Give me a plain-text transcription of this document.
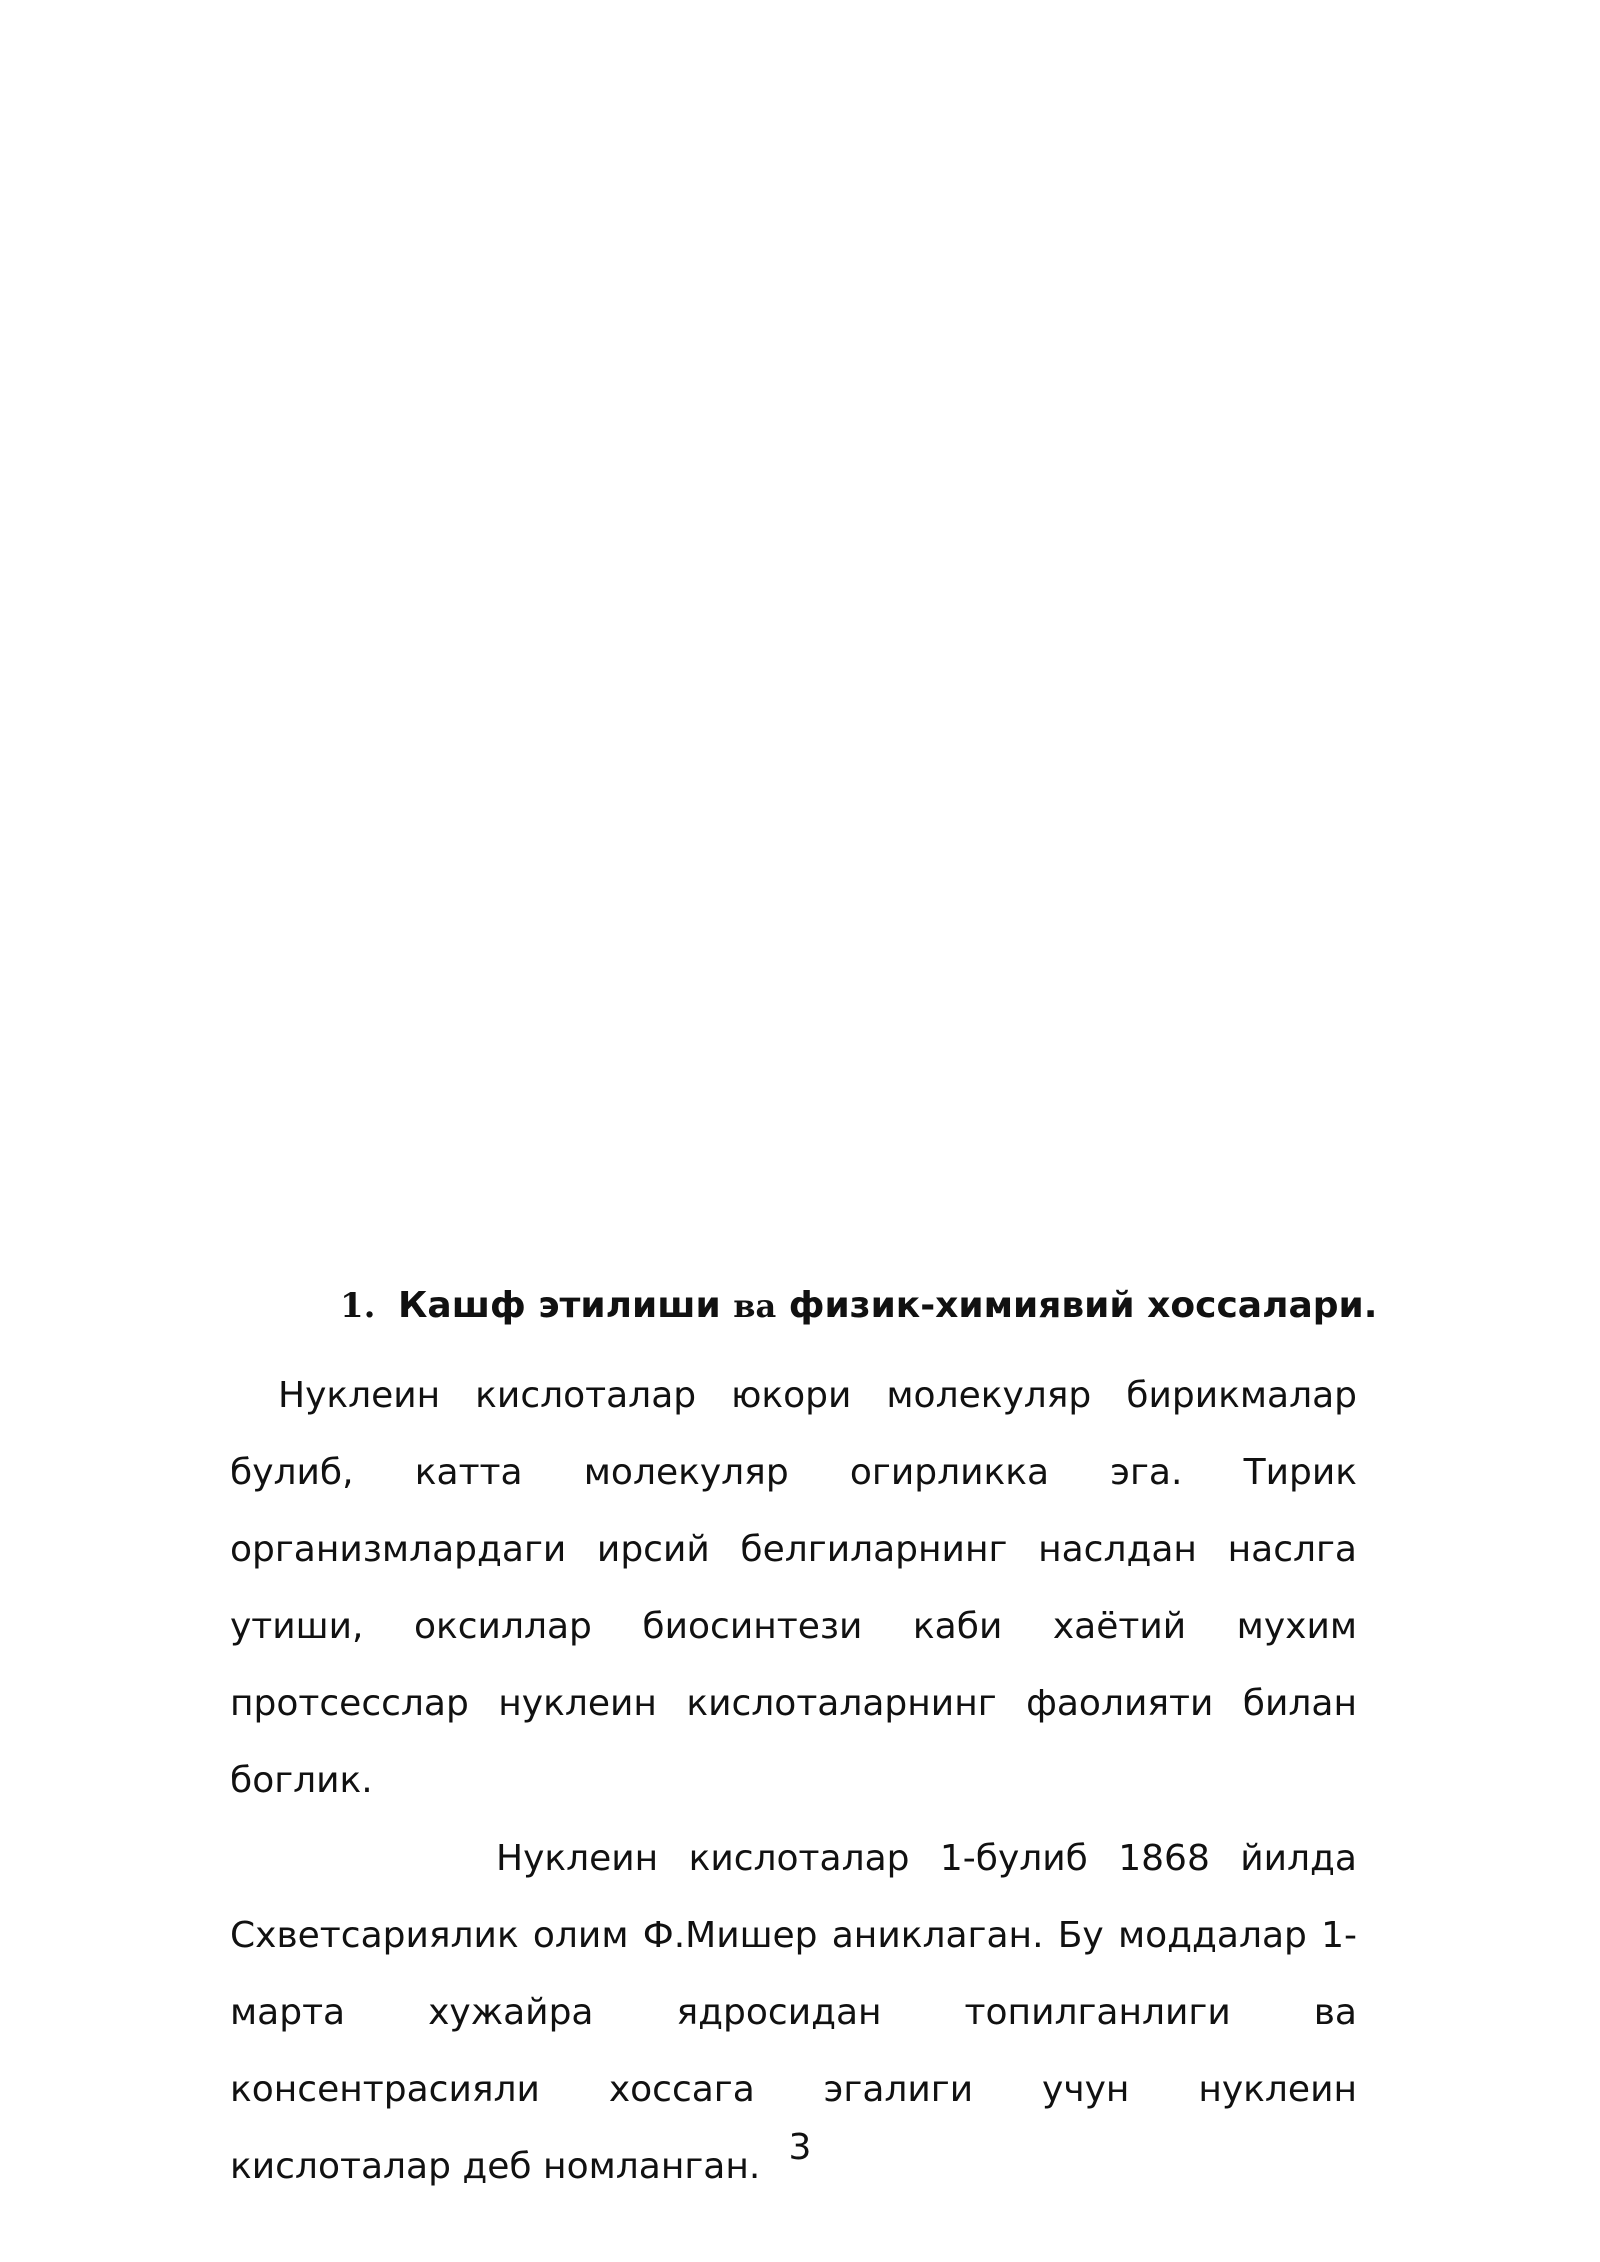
1. Кашф этилиши ва физик-химиявий хоссалари.

Нуклеин кислоталар юкори молекуляр бирикмалар булиб, катта молекуляр огирликка эга. Тирик организмлардаги ирсий белгиларнинг наслдан наслга утиши, оксиллар биосинтези каби хаётий мухим протсесслар нуклеин кислоталарнинг фаолияти билан боглик.

Нуклеин кислоталар 1-булиб 1868 йилда Схветсариялик олим Ф.Мишер аниклаган. Бу моддалар 1-марта хужайра ядросидан топилганлиги ва консентрасияли хоссага эгалиги учун нуклеин кислоталар деб номланган. 3
